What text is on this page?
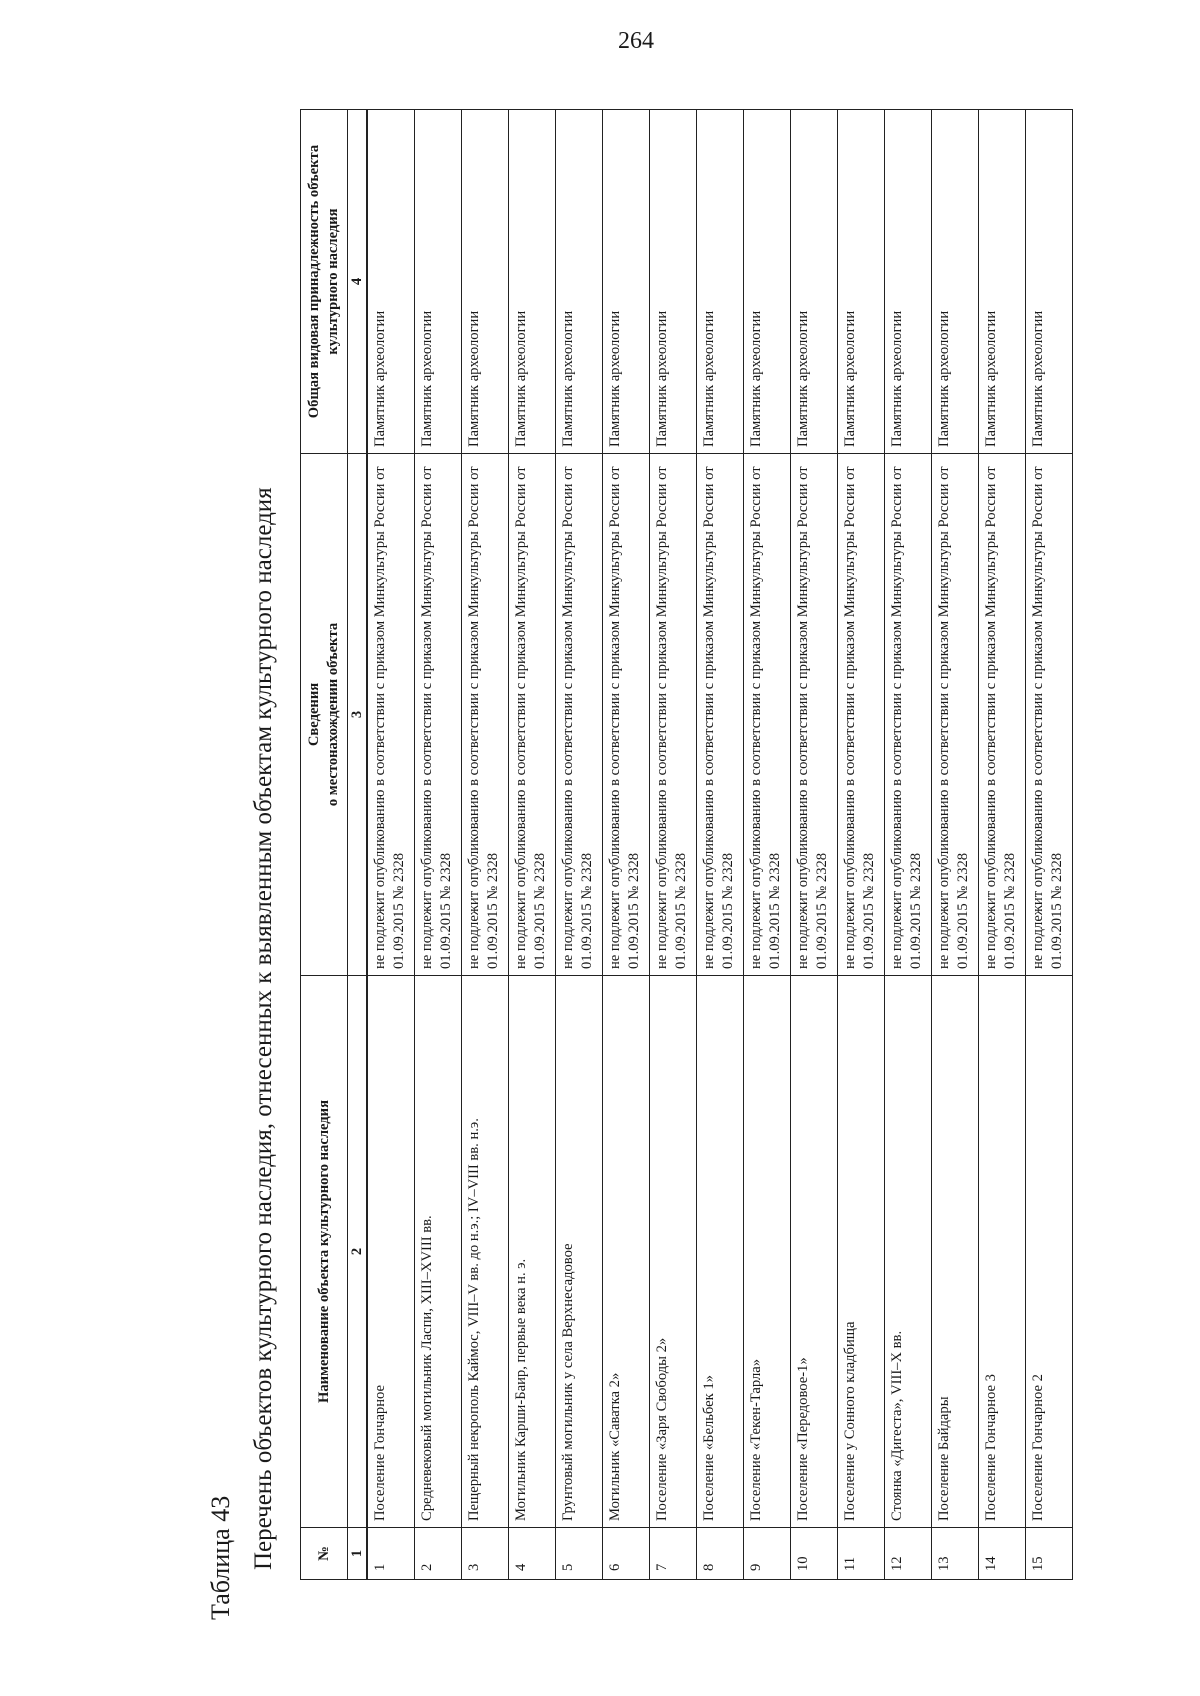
264
Таблица 43 Перечень объектов культурного наследия, отнесенных к выявленным объектам культурного наследия	№	Наименование объекта культурного наследия	Сведения о местонахождении объекта	Общая видовая принадлежность объекта культурного наследия
1	2	3	4
1	Поселение Гончарное	не подлежит опубликованию в соответствии с приказом Минкультуры России от 01.09.2015 № 2328	Памятник археологии
2	Средневековый могильник Ласпи, XIII–XVIII вв.	не подлежит опубликованию в соответствии с приказом Минкультуры России от 01.09.2015 № 2328	Памятник археологии
3	Пещерный некрополь Каймос, VIII–V вв. до н.э.; IV–VIII вв. н.э.	не подлежит опубликованию в соответствии с приказом Минкультуры России от 01.09.2015 № 2328	Памятник археологии
4	Могильник Карши-Баир, первые века н. э.	не подлежит опубликованию в соответствии с приказом Минкультуры России от 01.09.2015 № 2328	Памятник археологии
5	Грунтовый могильник у села Верхнесадовое	не подлежит опубликованию в соответствии с приказом Минкультуры России от 01.09.2015 № 2328	Памятник археологии
6	Могильник «Саватка 2»	не подлежит опубликованию в соответствии с приказом Минкультуры России от 01.09.2015 № 2328	Памятник археологии
7	Поселение «Заря Свободы 2»	не подлежит опубликованию в соответствии с приказом Минкультуры России от 01.09.2015 № 2328	Памятник археологии
8	Поселение «Бельбек 1»	не подлежит опубликованию в соответствии с приказом Минкультуры России от 01.09.2015 № 2328	Памятник археологии
9	Поселение «Текен-Тарла»	не подлежит опубликованию в соответствии с приказом Минкультуры России от 01.09.2015 № 2328	Памятник археологии
10	Поселение «Передовое-1»	не подлежит опубликованию в соответствии с приказом Минкультуры России от 01.09.2015 № 2328	Памятник археологии
11	Поселение у Сонного кладбища	не подлежит опубликованию в соответствии с приказом Минкультуры России от 01.09.2015 № 2328	Памятник археологии
12	Стоянка «Дигеста», VIII–X вв.	не подлежит опубликованию в соответствии с приказом Минкультуры России от 01.09.2015 № 2328	Памятник археологии
13	Поселение Байдары	не подлежит опубликованию в соответствии с приказом Минкультуры России от 01.09.2015 № 2328	Памятник археологии
14	Поселение Гончарное 3	не подлежит опубликованию в соответствии с приказом Минкультуры России от 01.09.2015 № 2328	Памятник археологии
15	Поселение Гончарное 2	не подлежит опубликованию в соответствии с приказом Минкультуры России от 01.09.2015 № 2328	Памятник археологии
